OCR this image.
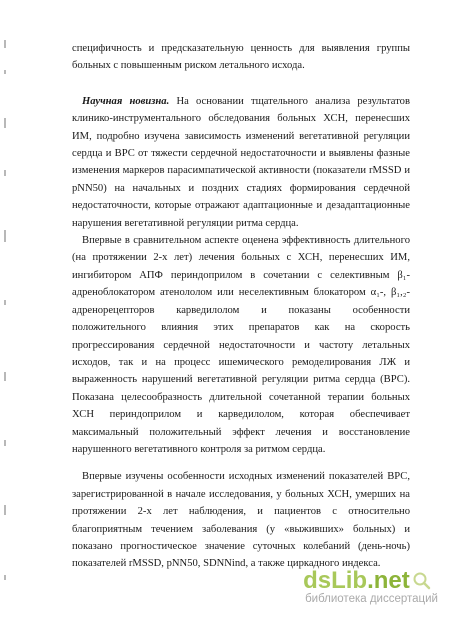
специфичность и предсказательную ценность для выявления группы больных с повышенным риском летального исхода.

Научная новизна. На основании тщательного анализа результатов клинико-инструментального обследования больных ХСН, перенесших ИМ, подробно изучена зависимость изменений вегетативной регуляции сердца и ВРС от тяжести сердечной недостаточности и выявлены фазные изменения маркеров парасимпатической активности (показатели rMSSD и pNN50) на начальных и поздних стадиях формирования сердечной недостаточности, которые отражают адаптационные и дезадаптационные нарушения вегетативной регуляции ритма сердца.

Впервые в сравнительном аспекте оценена эффективность длительного (на протяжении 2-х лет) лечения больных с ХСН, перенесших ИМ, ингибитором АПФ периндоприлом в сочетании с селективным β₁-адреноблокатором атенололом или неселективным блокатором α₁-, β₁,₂-адренорецепторов карведилолом и показаны особенности положительного влияния этих препаратов как на скорость прогрессирования сердечной недостаточности и частоту летальных исходов, так и на процесс ишемического ремоделирования ЛЖ и выраженность нарушений вегетативной регуляции ритма сердца (ВРС). Показана целесообразность длительной сочетанной терапии больных ХСН периндоприлом и карведилолом, которая обеспечивает максимальный положительный эффект лечения и восстановление нарушенного вегетативного контроля за ритмом сердца.

Впервые изучены особенности исходных изменений показателей ВРС, зарегистрированной в начале исследования, у больных ХСН, умерших на протяжении 2-х лет наблюдения, и пациентов с относительно благоприятным течением заболевания (у «выживших» больных) и показано прогностическое значение суточных колебаний (день-ночь) показателей rMSSD, pNN50, SDNNind, а также циркадного индекса.

dsLib.net
библиотека диссертаций
